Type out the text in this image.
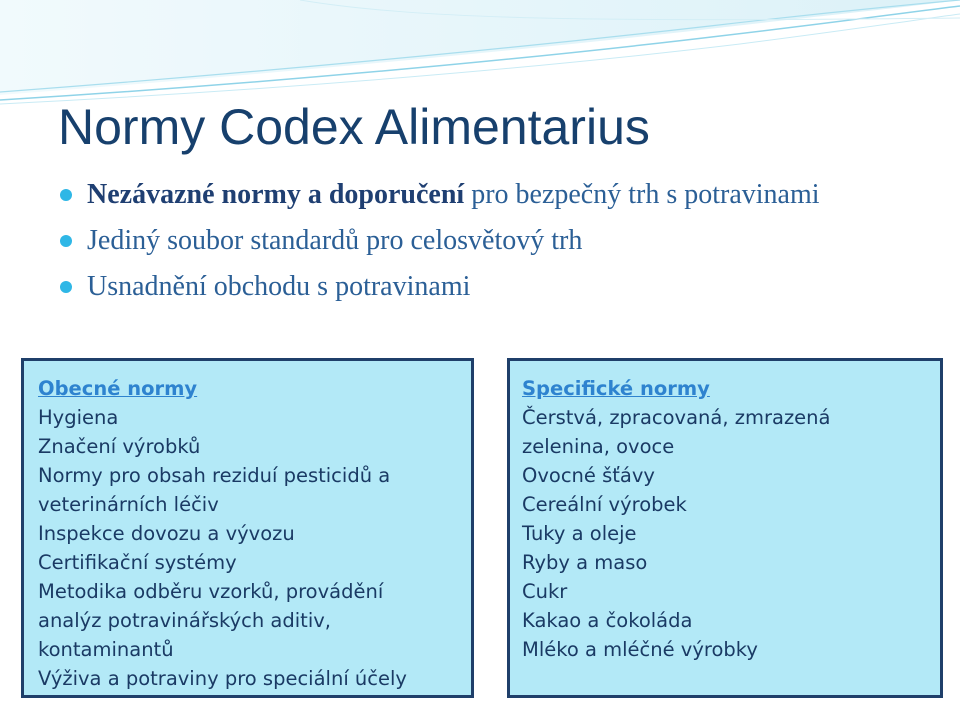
Normy Codex Alimentarius
Nezávazné normy a doporučení pro bezpečný trh s potravinami
Jediný soubor standardů pro celosvětový trh
Usnadnění obchodu s potravinami
Obecné normy
Hygiena
Značení výrobků
Normy pro obsah reziduí pesticidů a
veterinárních léčiv
Inspekce dovozu a vývozu
Certifikační systémy
Metodika odběru vzorků, provádění
analýz potravinářských aditiv,
kontaminantů
Výživa a potraviny pro speciální účely
Specifické normy
Čerstvá, zpracovaná, zmrazená
zelenina, ovoce
Ovocné šťávy
Cereální výrobek
Tuky a oleje
Ryby a maso
Cukr
Kakao a čokoláda
Mléko a mléčné výrobky
